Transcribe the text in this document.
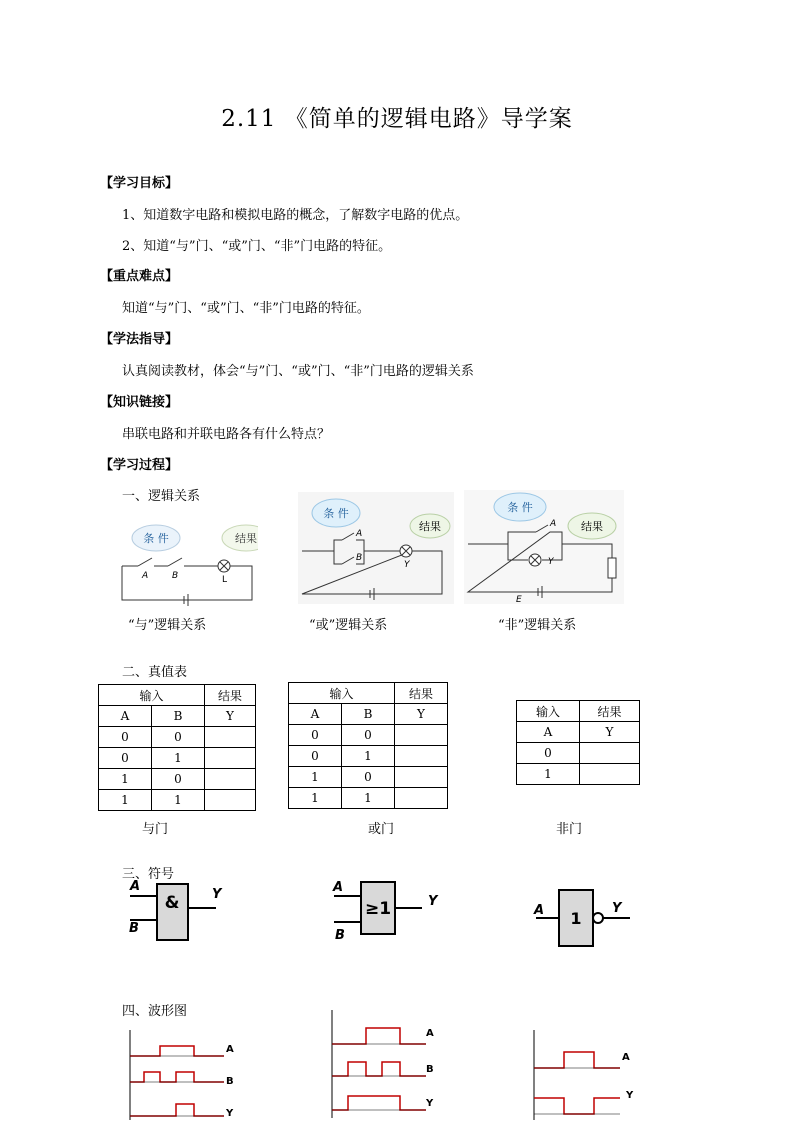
2.11 《简单的逻辑电路》导学案
【学习目标】
1、知道数字电路和模拟电路的概念，了解数字电路的优点。
2、知道“与”门、“或”门、“非”门电路的特征。
【重点难点】
知道“与”门、“或”门、“非”门电路的特征。
【学法指导】
认真阅读教材，体会“与”门、“或”门、“非”门电路的逻辑关系
【知识链接】
串联电路和并联电路各有什么特点？
【学习过程】
一、逻辑关系
条 件	结果
A	B	L
条 件
结果
A
B
Y
条 件
结果
A
Y
E
“与”逻辑关系	“或”逻辑关系	“非”逻辑关系
二、真值表
输入		结果
A	B	Y
0	0	
0	1	
1	0	
1	1	
输入		结果
A	B	Y
0	0	
0	1	
1	0	
1	1	
输入	结果
A	Y
0	
1	
与门	或门	非门
三、符号
&
A
B
Y
≥1
A
B
Y
1
A	Y
四、波形图
A
B
Y
A
B
Y
A
Y
